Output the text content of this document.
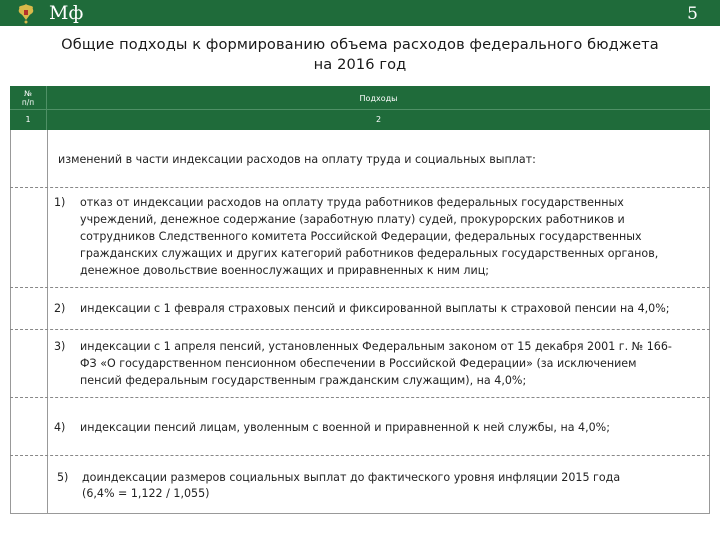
Мф	5
Общие подходы к формированию объема расходов федерального бюджета
на 2016 год
№
п/п	Подходы
1	2
изменений в части индексации расходов на оплату труда и социальных выплат:
1) отказ от индексации расходов на оплату труда работников федеральных государственных
учреждений, денежное содержание (заработную плату) судей, прокурорских работников и
сотрудников Следственного комитета Российской Федерации, федеральных государственных
гражданских служащих и других категорий работников федеральных государственных органов,
денежное довольствие военнослужащих и приравненных к ним лиц;
2) индексации с 1 февраля страховых пенсий и фиксированной выплаты к страховой пенсии на 4,0%;
3) индексации с 1 апреля пенсий, установленных Федеральным законом от 15 декабря 2001 г. № 166-
ФЗ «О государственном пенсионном обеспечении в Российской Федерации» (за исключением
пенсий федеральным государственным гражданским служащим), на 4,0%;
4) индексации пенсий лицам, уволенным с военной и приравненной к ней службы, на 4,0%;
5) доиндексации размеров социальных выплат до фактического уровня инфляции 2015 года
(6,4% = 1,122 / 1,055)
